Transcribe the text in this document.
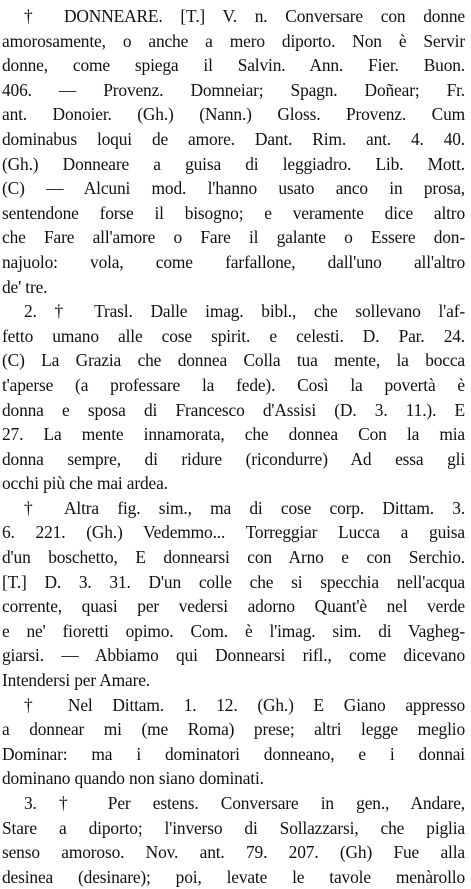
† DONNEARE. [T.] V. n. Conversare con donne
amorosamente, o anche a mero diporto. Non è Servir
donne, come spiega il Salvin. Ann. Fier. Buon.
406. — Provenz. Domneiar; Spagn. Doñear; Fr.
ant. Donoier. (Gh.) (Nann.) Gloss. Provenz. Cum
dominabus loqui de amore. Dant. Rim. ant. 4. 40.
(Gh.) Donneare a guisa di leggiadro. Lib. Mott.
(C) — Alcuni mod. l'hanno usato anco in prosa,
sentendone forse il bisogno; e veramente dice altro
che Fare all'amore o Fare il galante o Essere don-
najuolo: vola, come farfallone, dall'uno all'altro
de' tre.
2. † Trasl. Dalle imag. bibl., che sollevano l'af-
fetto umano alle cose spirit. e celesti. D. Par. 24.
(C) La Grazia che donnea Colla tua mente, la bocca
t'aperse (a professare la fede). Così la povertà è
donna e sposa di Francesco d'Assisi (D. 3. 11.). E
27. La mente innamorata, che donnea Con la mia
donna sempre, di ridure (ricondurre) Ad essa gli
occhi più che mai ardea.
† Altra fig. sim., ma di cose corp. Dittam. 3.
6. 221. (Gh.) Vedemmo... Torreggiar Lucca a guisa
d'un boschetto, E donnearsi con Arno e con Serchio.
[T.] D. 3. 31. D'un colle che si specchia nell'acqua
corrente, quasi per vedersi adorno Quant'è nel verde
e ne' fioretti opimo. Com. è l'imag. sim. di Vagheg-
giarsi. — Abbiamo qui Donnearsi rifl., come dicevano
Intendersi per Amare.
† Nel Dittam. 1. 12. (Gh.) E Giano appresso
a donnear mi (me Roma) prese; altri legge meglio
Dominar: ma i dominatori donneano, e i donnai
dominano quando non siano dominati.
3. † Per estens. Conversare in gen., Andare,
Stare a diporto; l'inverso di Sollazzarsi, che piglia
senso amoroso. Nov. ant. 79. 207. (Gh) Fue alla
desinea (desinare); poi, levate le tavole menàrollo
